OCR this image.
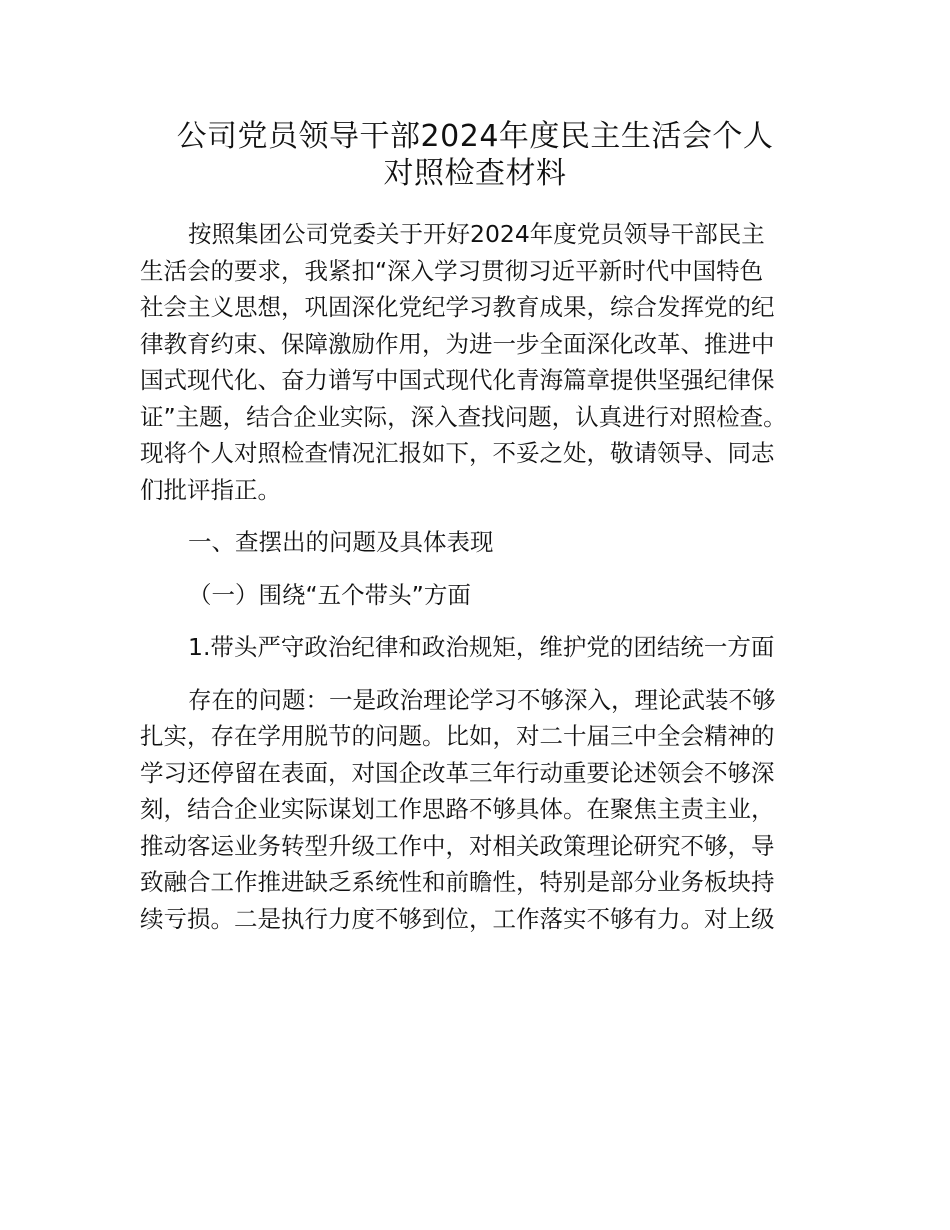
公司党员领导干部2024年度民主生活会个人
对照检查材料

按照集团公司党委关于开好2024年度党员领导干部民主
生活会的要求，我紧扣“深入学习贯彻习近平新时代中国特色
社会主义思想，巩固深化党纪学习教育成果，综合发挥党的纪
律教育约束、保障激励作用，为进一步全面深化改革、推进中
国式现代化、奋力谱写中国式现代化青海篇章提供坚强纪律保
证”主题，结合企业实际，深入查找问题，认真进行对照检查。
现将个人对照检查情况汇报如下，不妥之处，敬请领导、同志
们批评指正。

一、查摆出的问题及具体表现

（一）围绕“五个带头”方面

1.带头严守政治纪律和政治规矩，维护党的团结统一方面

存在的问题：一是政治理论学习不够深入，理论武装不够
扎实，存在学用脱节的问题。比如，对二十届三中全会精神的
学习还停留在表面，对国企改革三年行动重要论述领会不够深
刻，结合企业实际谋划工作思路不够具体。在聚焦主责主业，
推动客运业务转型升级工作中，对相关政策理论研究不够，导
致融合工作推进缺乏系统性和前瞻性，特别是部分业务板块持
续亏损。二是执行力度不够到位，工作落实不够有力。对上级
